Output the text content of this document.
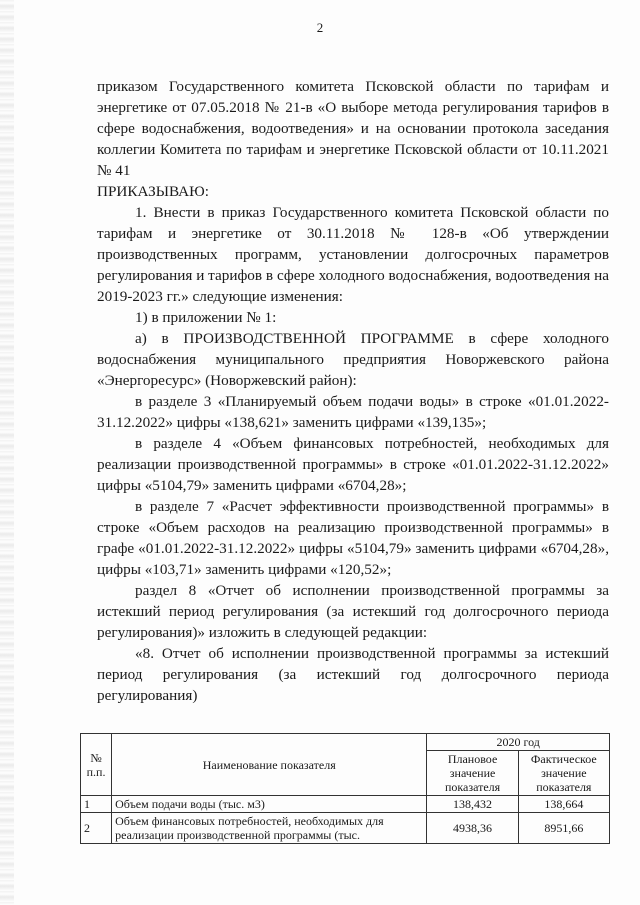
2

приказом Государственного комитета Псковской области по тарифам и энергетике от 07.05.2018 № 21-в «О выборе метода регулирования тарифов в сфере водоснабжения, водоотведения» и на основании протокола заседания коллегии Комитета по тарифам и энергетике Псковской области от 10.11.2021 № 41

ПРИКАЗЫВАЮ:

1. Внести в приказ Государственного комитета Псковской области по тарифам и энергетике от 30.11.2018 № 128-в «Об утверждении производственных программ, установлении долгосрочных параметров регулирования и тарифов в сфере холодного водоснабжения, водоотведения на 2019-2023 гг.» следующие изменения:

1) в приложении № 1:

а) в ПРОИЗВОДСТВЕННОЙ ПРОГРАММЕ в сфере холодного водоснабжения муниципального предприятия Новоржевского района «Энергоресурс» (Новоржевский район):

в разделе 3 «Планируемый объем подачи воды» в строке «01.01.2022-31.12.2022» цифры «138,621» заменить цифрами «139,135»;

в разделе 4 «Объем финансовых потребностей, необходимых для реализации производственной программы» в строке «01.01.2022-31.12.2022» цифры «5104,79» заменить цифрами «6704,28»;

в разделе 7 «Расчет эффективности производственной программы» в строке «Объем расходов на реализацию производственной программы» в графе «01.01.2022-31.12.2022» цифры «5104,79» заменить цифрами «6704,28», цифры «103,71» заменить цифрами «120,52»;

раздел 8 «Отчет об исполнении производственной программы за истекший период регулирования (за истекший год долгосрочного периода регулирования)» изложить в следующей редакции:

«8. Отчет об исполнении производственной программы за истекший период регулирования (за истекший год долгосрочного периода регулирования)

№ п.п.	Наименование показателя	2020 год	
		Плановое значение показателя	Фактическое значение показателя
1	Объем подачи воды (тыс. м3)	138,432	138,664
2	Объем финансовых потребностей, необходимых для реализации производственной программы (тыс.	4938,36	8951,66
